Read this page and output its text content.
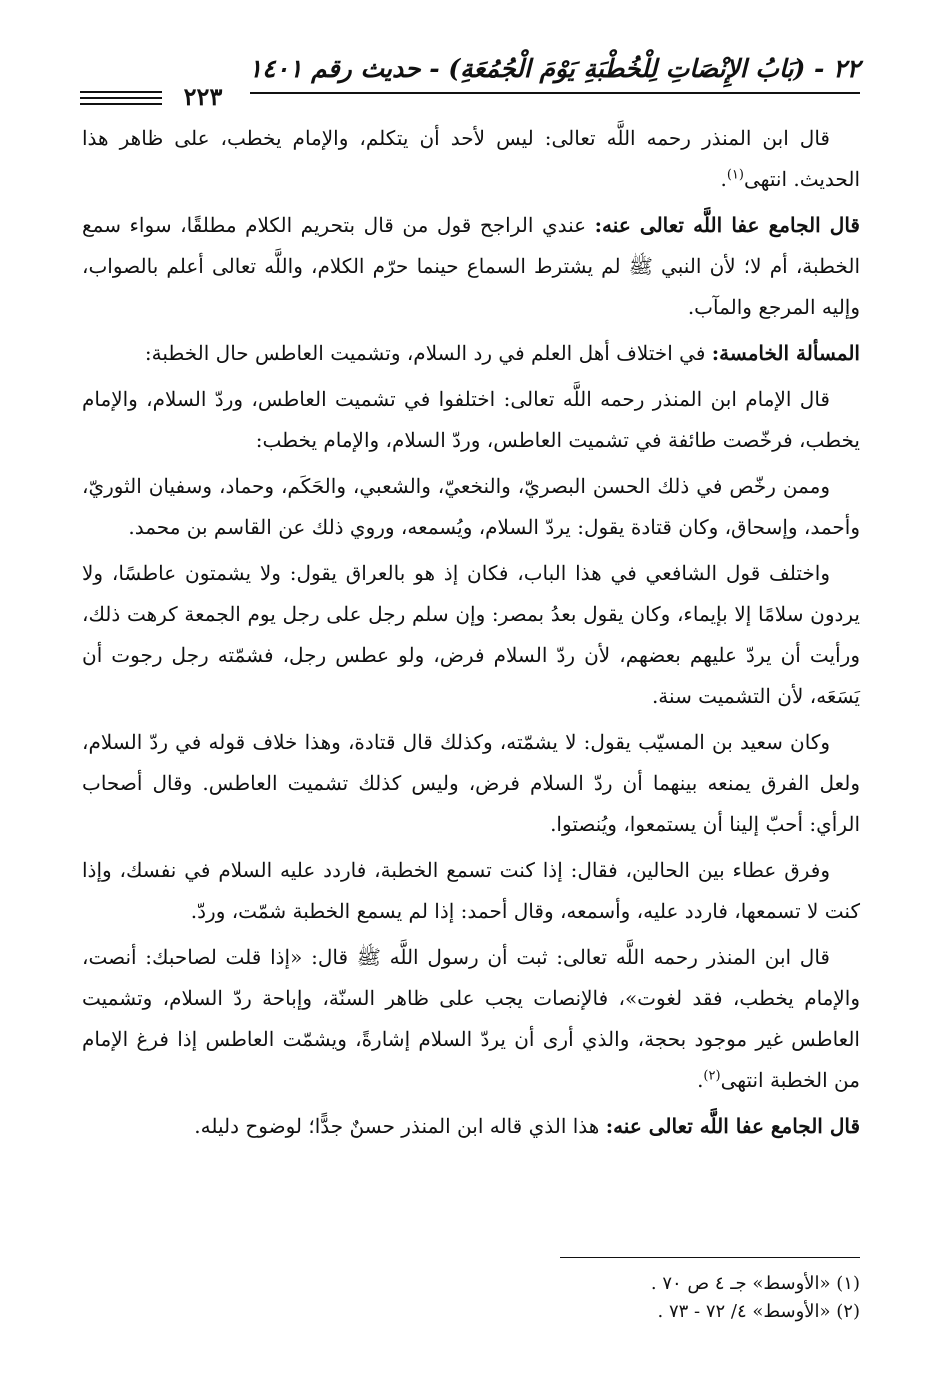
٢٢ - (بَابُ الإِنْصَاتِ لِلْخُطْبَةِ يَوْمَ الْجُمُعَةِ) - حديث رقم ١٤٠١
٢٢٣

قال ابن المنذر رحمه اللَّه تعالى: ليس لأحد أن يتكلم، والإمام يخطب، على ظاهر هذا الحديث. انتهى$^{(١)}$.

قال الجامع عفا اللَّه تعالى عنه: عندي الراجح قول من قال بتحريم الكلام مطلقًا، سواء سمع الخطبة، أم لا؛ لأن النبي ﷺ لم يشترط السماع حينما حرّم الكلام، واللَّه تعالى أعلم بالصواب، وإليه المرجع والمآب.

المسألة الخامسة: في اختلاف أهل العلم في رد السلام، وتشميت العاطس حال الخطبة:

قال الإمام ابن المنذر رحمه اللَّه تعالى: اختلفوا في تشميت العاطس، وردّ السلام، والإمام يخطب، فرخّصت طائفة في تشميت العاطس، وردّ السلام، والإمام يخطب:

وممن رخّص في ذلك الحسن البصريّ، والنخعيّ، والشعبي، والحَكَم، وحماد، وسفيان الثوريّ، وأحمد، وإسحاق، وكان قتادة يقول: يردّ السلام، ويُسمعه، وروي ذلك عن القاسم بن محمد.

واختلف قول الشافعي في هذا الباب، فكان إذ هو بالعراق يقول: ولا يشمتون عاطسًا، ولا يردون سلامًا إلا بإيماء، وكان يقول بعدُ بمصر: وإن سلم رجل على رجل يوم الجمعة كرهت ذلك، ورأيت أن يردّ عليهم بعضهم، لأن ردّ السلام فرض، ولو عطس رجل، فشمّته رجل رجوت أن يَسَعَه، لأن التشميت سنة.

وكان سعيد بن المسيّب يقول: لا يشمّته، وكذلك قال قتادة، وهذا خلاف قوله في ردّ السلام، ولعل الفرق يمنعه بينهما أن ردّ السلام فرض، وليس كذلك تشميت العاطس. وقال أصحاب الرأي: أحبّ إلينا أن يستمعوا، ويُنصتوا.

وفرق عطاء بين الحالين، فقال: إذا كنت تسمع الخطبة، فاردد عليه السلام في نفسك، وإذا كنت لا تسمعها، فاردد عليه، وأسمعه، وقال أحمد: إذا لم يسمع الخطبة شمّت، وردّ.

قال ابن المنذر رحمه اللَّه تعالى: ثبت أن رسول اللَّه ﷺ قال: «إذا قلت لصاحبك: أنصت، والإمام يخطب، فقد لغوت»، فالإنصات يجب على ظاهر السنّة، وإباحة ردّ السلام، وتشميت العاطس غير موجود بحجة، والذي أرى أن يردّ السلام إشارةً، ويشمّت العاطس إذا فرغ الإمام من الخطبة انتهى$^{(٢)}$.

قال الجامع عفا اللَّه تعالى عنه: هذا الذي قاله ابن المنذر حسنٌ جدًّا؛ لوضوح دليله.

(١) «الأوسط» جـ ٤ ص ٧٠ .

(٢) «الأوسط» ٤/ ٧٢ - ٧٣ .
